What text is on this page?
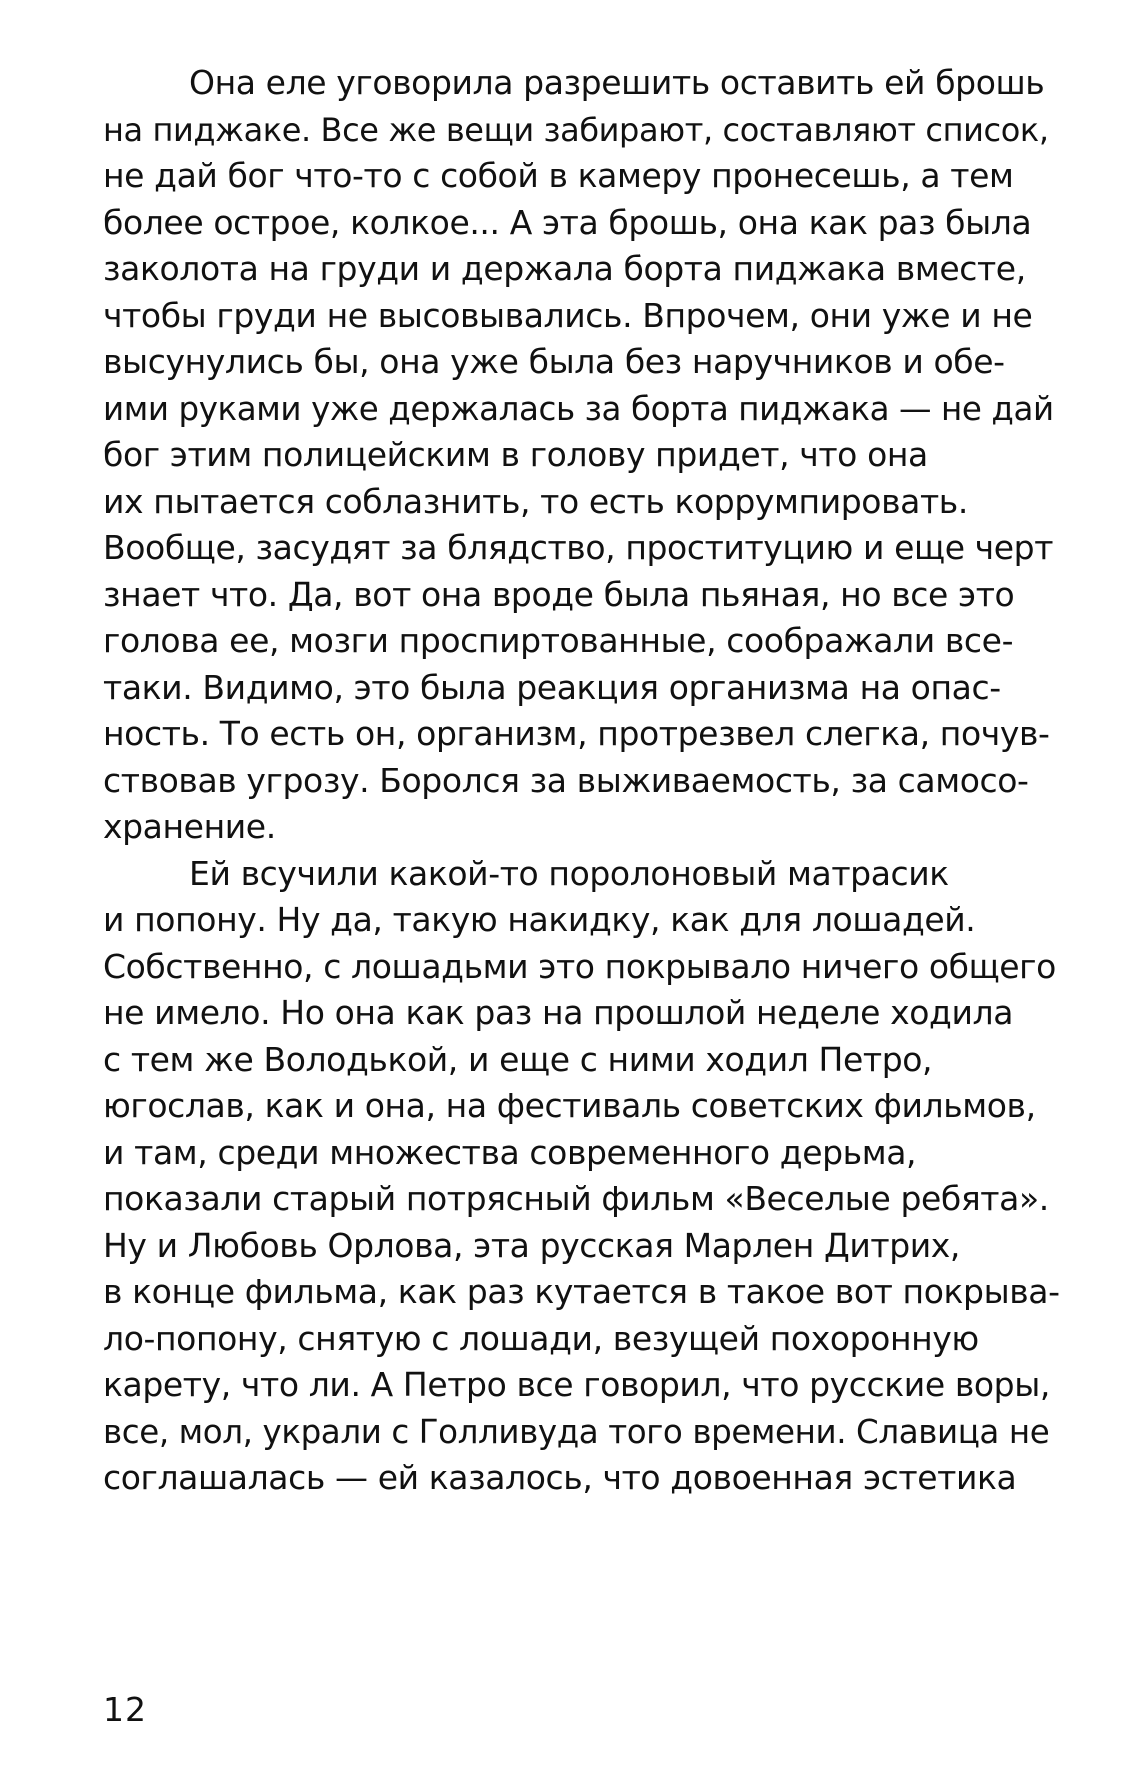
Она еле уговорила разрешить оставить ей брошь
на пиджаке. Все же вещи забирают, составляют список,
не дай бог что-то с собой в камеру пронесешь, а тем
более острое, колкое... А эта брошь, она как раз была
заколота на груди и держала борта пиджака вместе,
чтобы груди не высовывались. Впрочем, они уже и не
высунулись бы, она уже была без наручников и обе-
ими руками уже держалась за борта пиджака — не дай
бог этим полицейским в голову придет, что она
их пытается соблазнить, то есть коррумпировать.
Вообще, засудят за блядство, проституцию и еще черт
знает что. Да, вот она вроде была пьяная, но все это
голова ее, мозги проспиртованные, соображали все-
таки. Видимо, это была реакция организма на опас-
ность. То есть он, организм, протрезвел слегка, почув-
ствовав угрозу. Боролся за выживаемость, за самосо-
хранение.
Ей всучили какой-то поролоновый матрасик
и попону. Ну да, такую накидку, как для лошадей.
Собственно, с лошадьми это покрывало ничего общего
не имело. Но она как раз на прошлой неделе ходила
с тем же Володькой, и еще с ними ходил Петро,
югослав, как и она, на фестиваль советских фильмов,
и там, среди множества современного дерьма,
показали старый потрясный фильм «Веселые ребята».
Ну и Любовь Орлова, эта русская Марлен Дитрих,
в конце фильма, как раз кутается в такое вот покрыва-
ло-попону, снятую с лошади, везущей похоронную
карету, что ли. А Петро все говорил, что русские воры,
все, мол, украли с Голливуда того времени. Славица не
соглашалась — ей казалось, что довоенная эстетика
12
